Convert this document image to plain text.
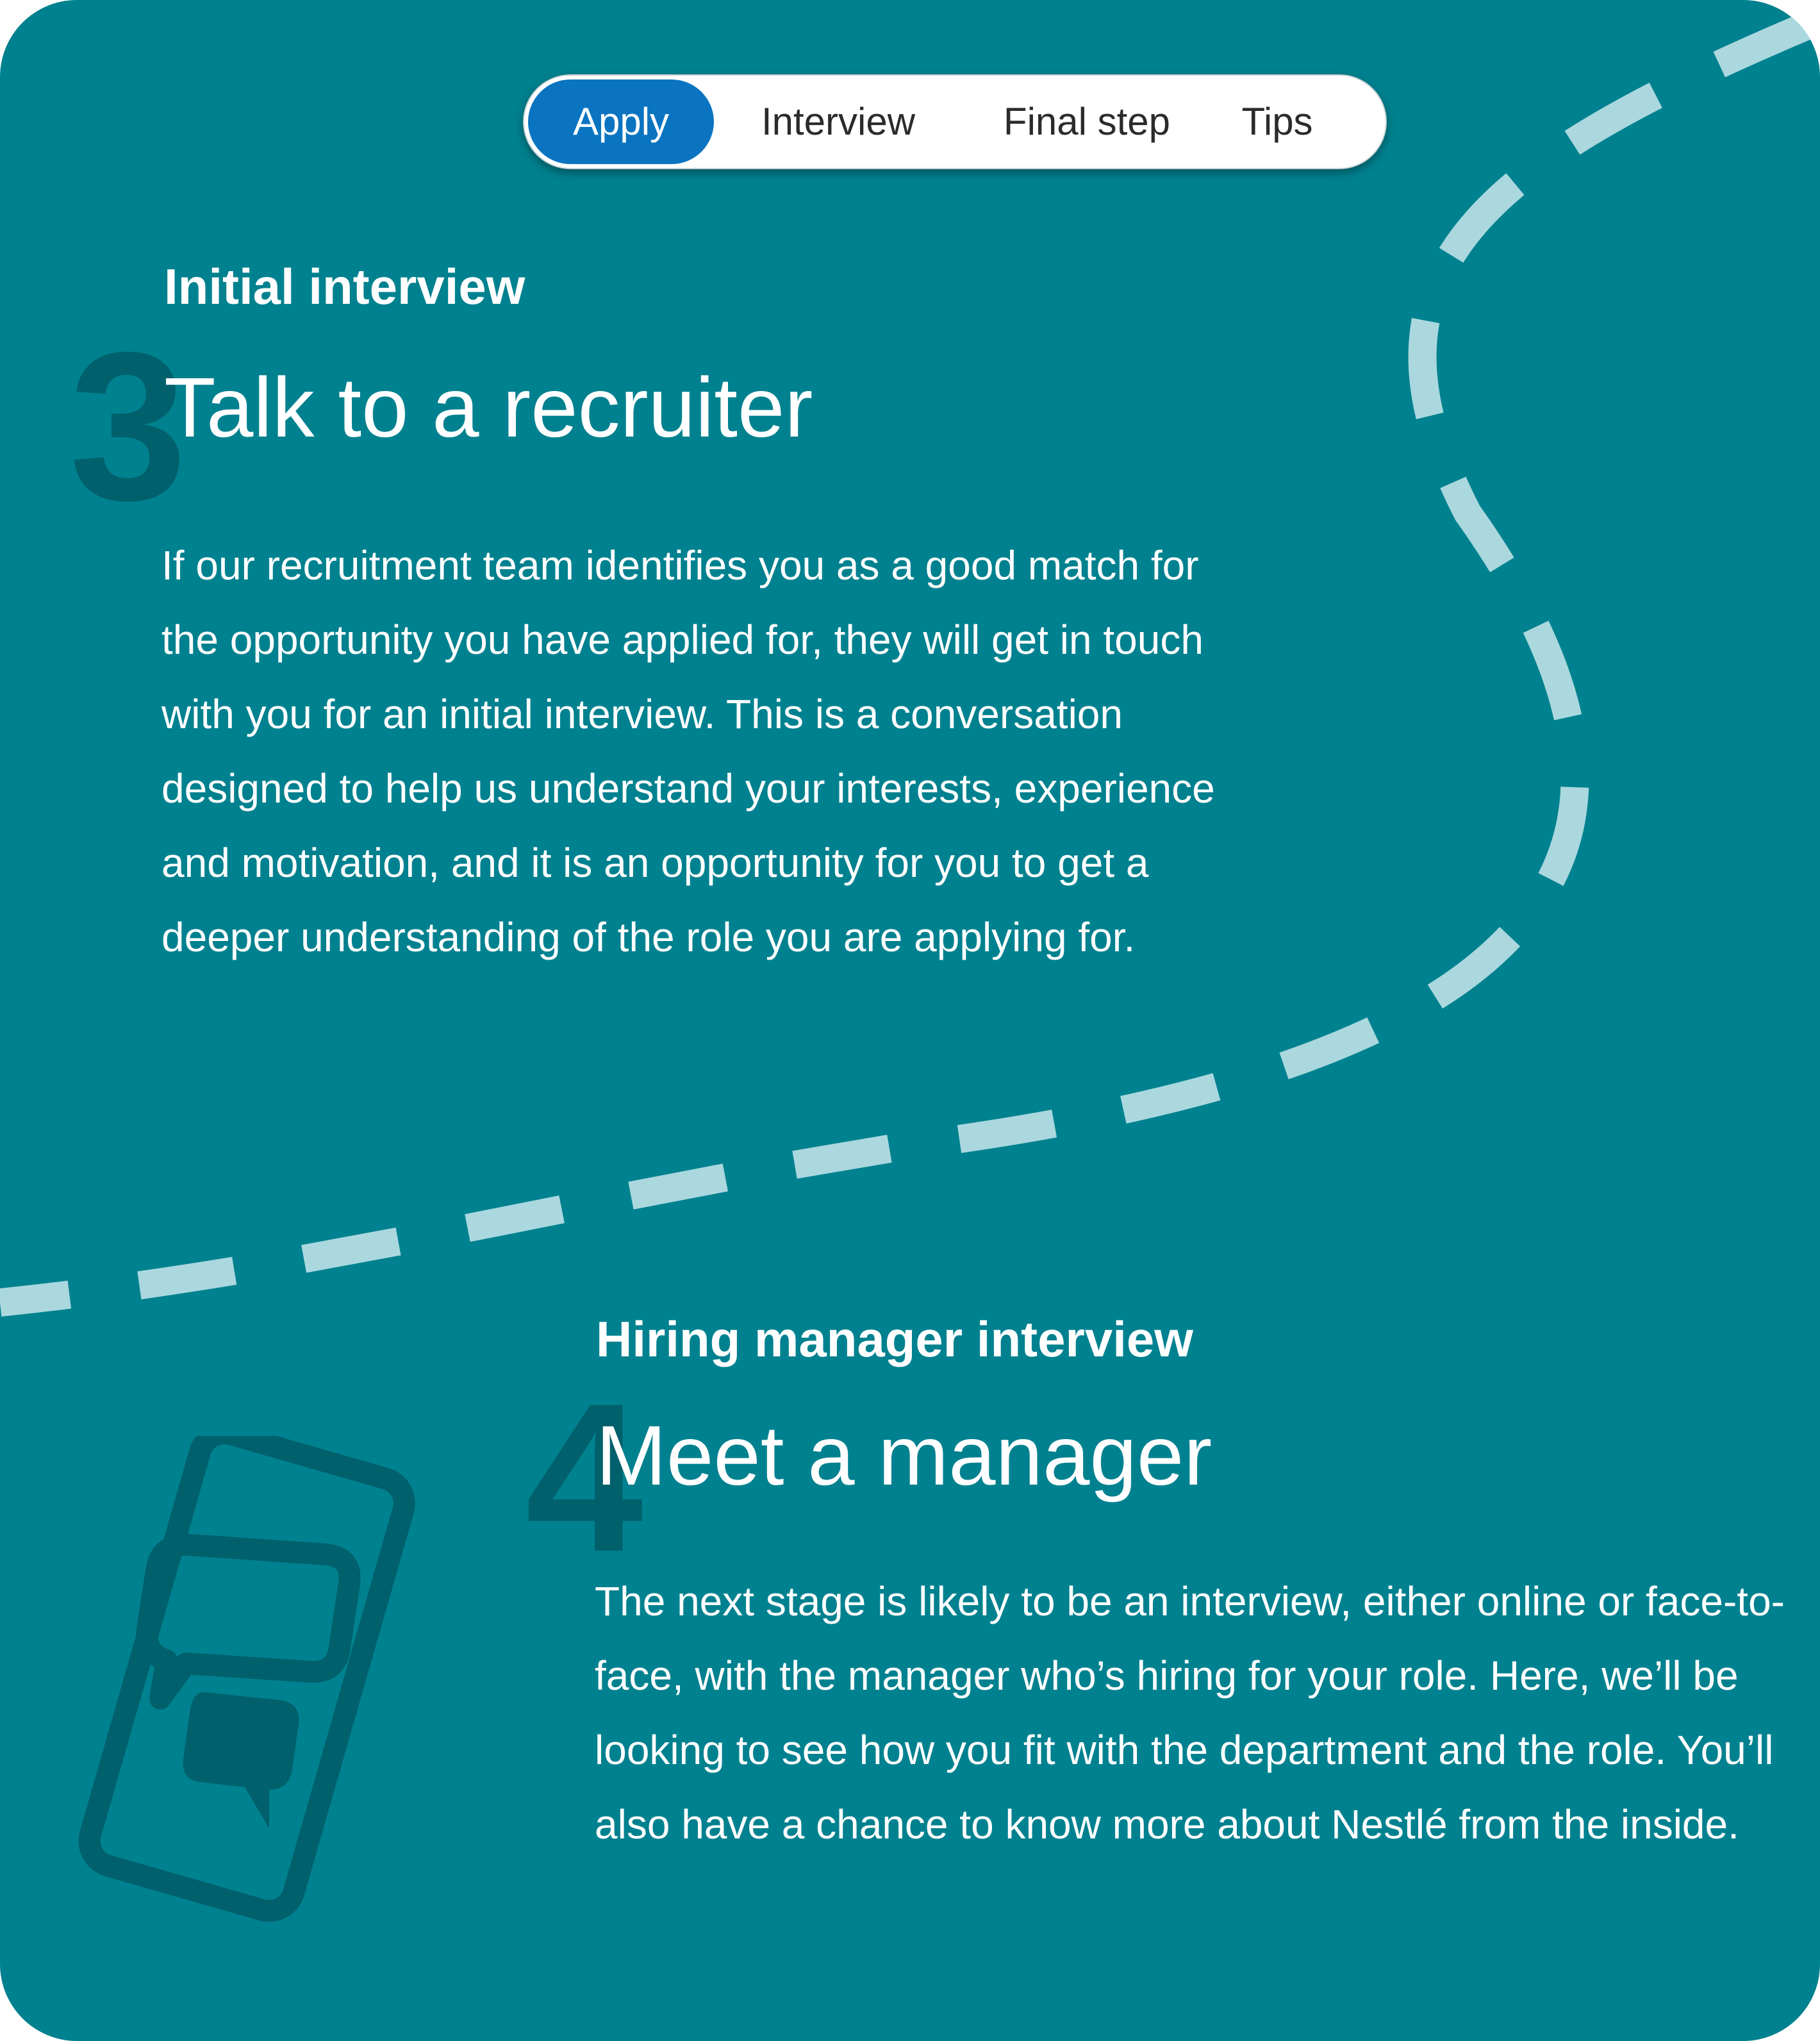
Apply	Interview	Final step	Tips
3
Initial interview
Talk to a recruiter

If our recruitment team identifies you as a good match for the opportunity you have applied for, they will get in touch with you for an initial interview. This is a conversation designed to help us understand your interests, experience and motivation, and it is an opportunity for you to get a deeper understanding of the role you are applying for.

4
Hiring manager interview
Meet a manager

The next stage is likely to be an interview, either online or face-to-face, with the manager who’s hiring for your role. Here, we’ll be looking to see how you fit with the department and the role. You’ll also have a chance to know more about Nestlé from the inside.
